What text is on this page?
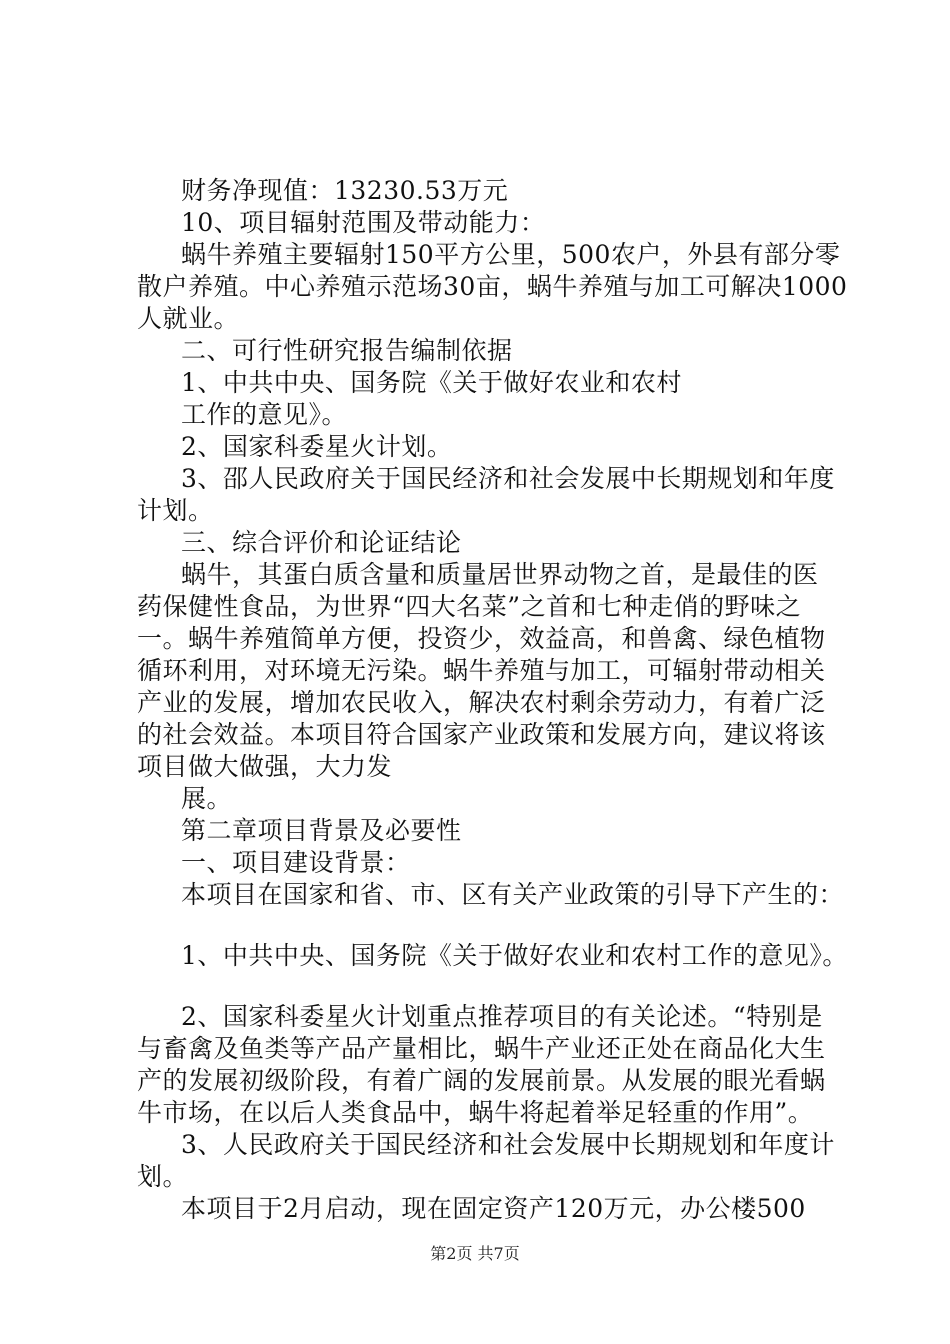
财务净现值：13230.53万元
10、项目辐射范围及带动能力：
蜗牛养殖主要辐射150平方公里，500农户，外县有部分零
散户养殖。中心养殖示范场30亩，蜗牛养殖与加工可解决1000
人就业。
二、可行性研究报告编制依据
1、中共中央、国务院《关于做好农业和农村
工作的意见》。
2、国家科委星火计划。
3、邵人民政府关于国民经济和社会发展中长期规划和年度
计划。
三、综合评价和论证结论
蜗牛，其蛋白质含量和质量居世界动物之首，是最佳的医
药保健性食品，为世界“四大名菜”之首和七种走俏的野味之
一。蜗牛养殖简单方便，投资少，效益高，和兽禽、绿色植物
循环利用，对环境无污染。蜗牛养殖与加工，可辐射带动相关
产业的发展，增加农民收入，解决农村剩余劳动力，有着广泛
的社会效益。本项目符合国家产业政策和发展方向，建议将该
项目做大做强，大力发
展。
第二章项目背景及必要性
一、项目建设背景：
本项目在国家和省、市、区有关产业政策的引导下产生的：
1、中共中央、国务院《关于做好农业和农村工作的意见》。
2、国家科委星火计划重点推荐项目的有关论述。“特别是
与畜禽及鱼类等产品产量相比，蜗牛产业还正处在商品化大生
产的发展初级阶段，有着广阔的发展前景。从发展的眼光看蜗
牛市场，在以后人类食品中，蜗牛将起着举足轻重的作用”。
3、人民政府关于国民经济和社会发展中长期规划和年度计
划。
本项目于2月启动，现在固定资产120万元，办公楼500
第2页 共7页
